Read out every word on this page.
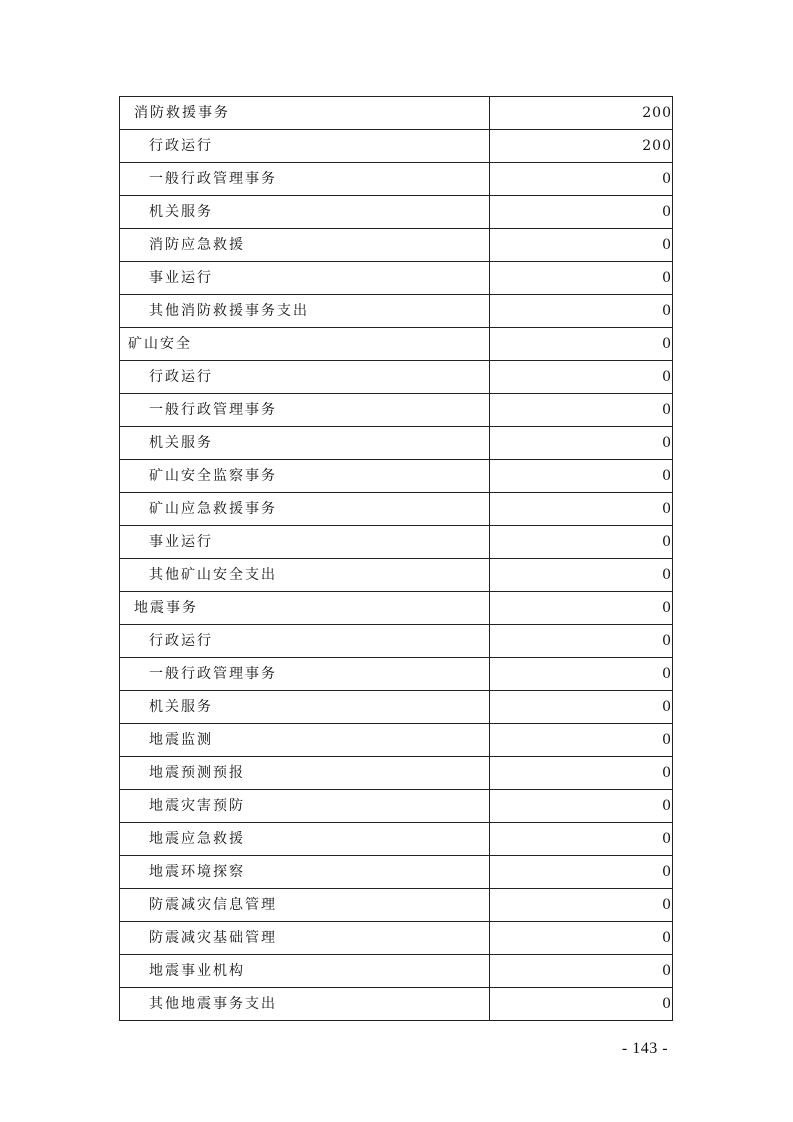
消防救援事务	200
行政运行	200
一般行政管理事务	0
机关服务	0
消防应急救援	0
事业运行	0
其他消防救援事务支出	0
矿山安全	0
行政运行	0
一般行政管理事务	0
机关服务	0
矿山安全监察事务	0
矿山应急救援事务	0
事业运行	0
其他矿山安全支出	0
地震事务	0
行政运行	0
一般行政管理事务	0
机关服务	0
地震监测	0
地震预测预报	0
地震灾害预防	0
地震应急救援	0
地震环境探察	0
防震减灾信息管理	0
防震减灾基础管理	0
地震事业机构	0
其他地震事务支出	0
- 143 -
